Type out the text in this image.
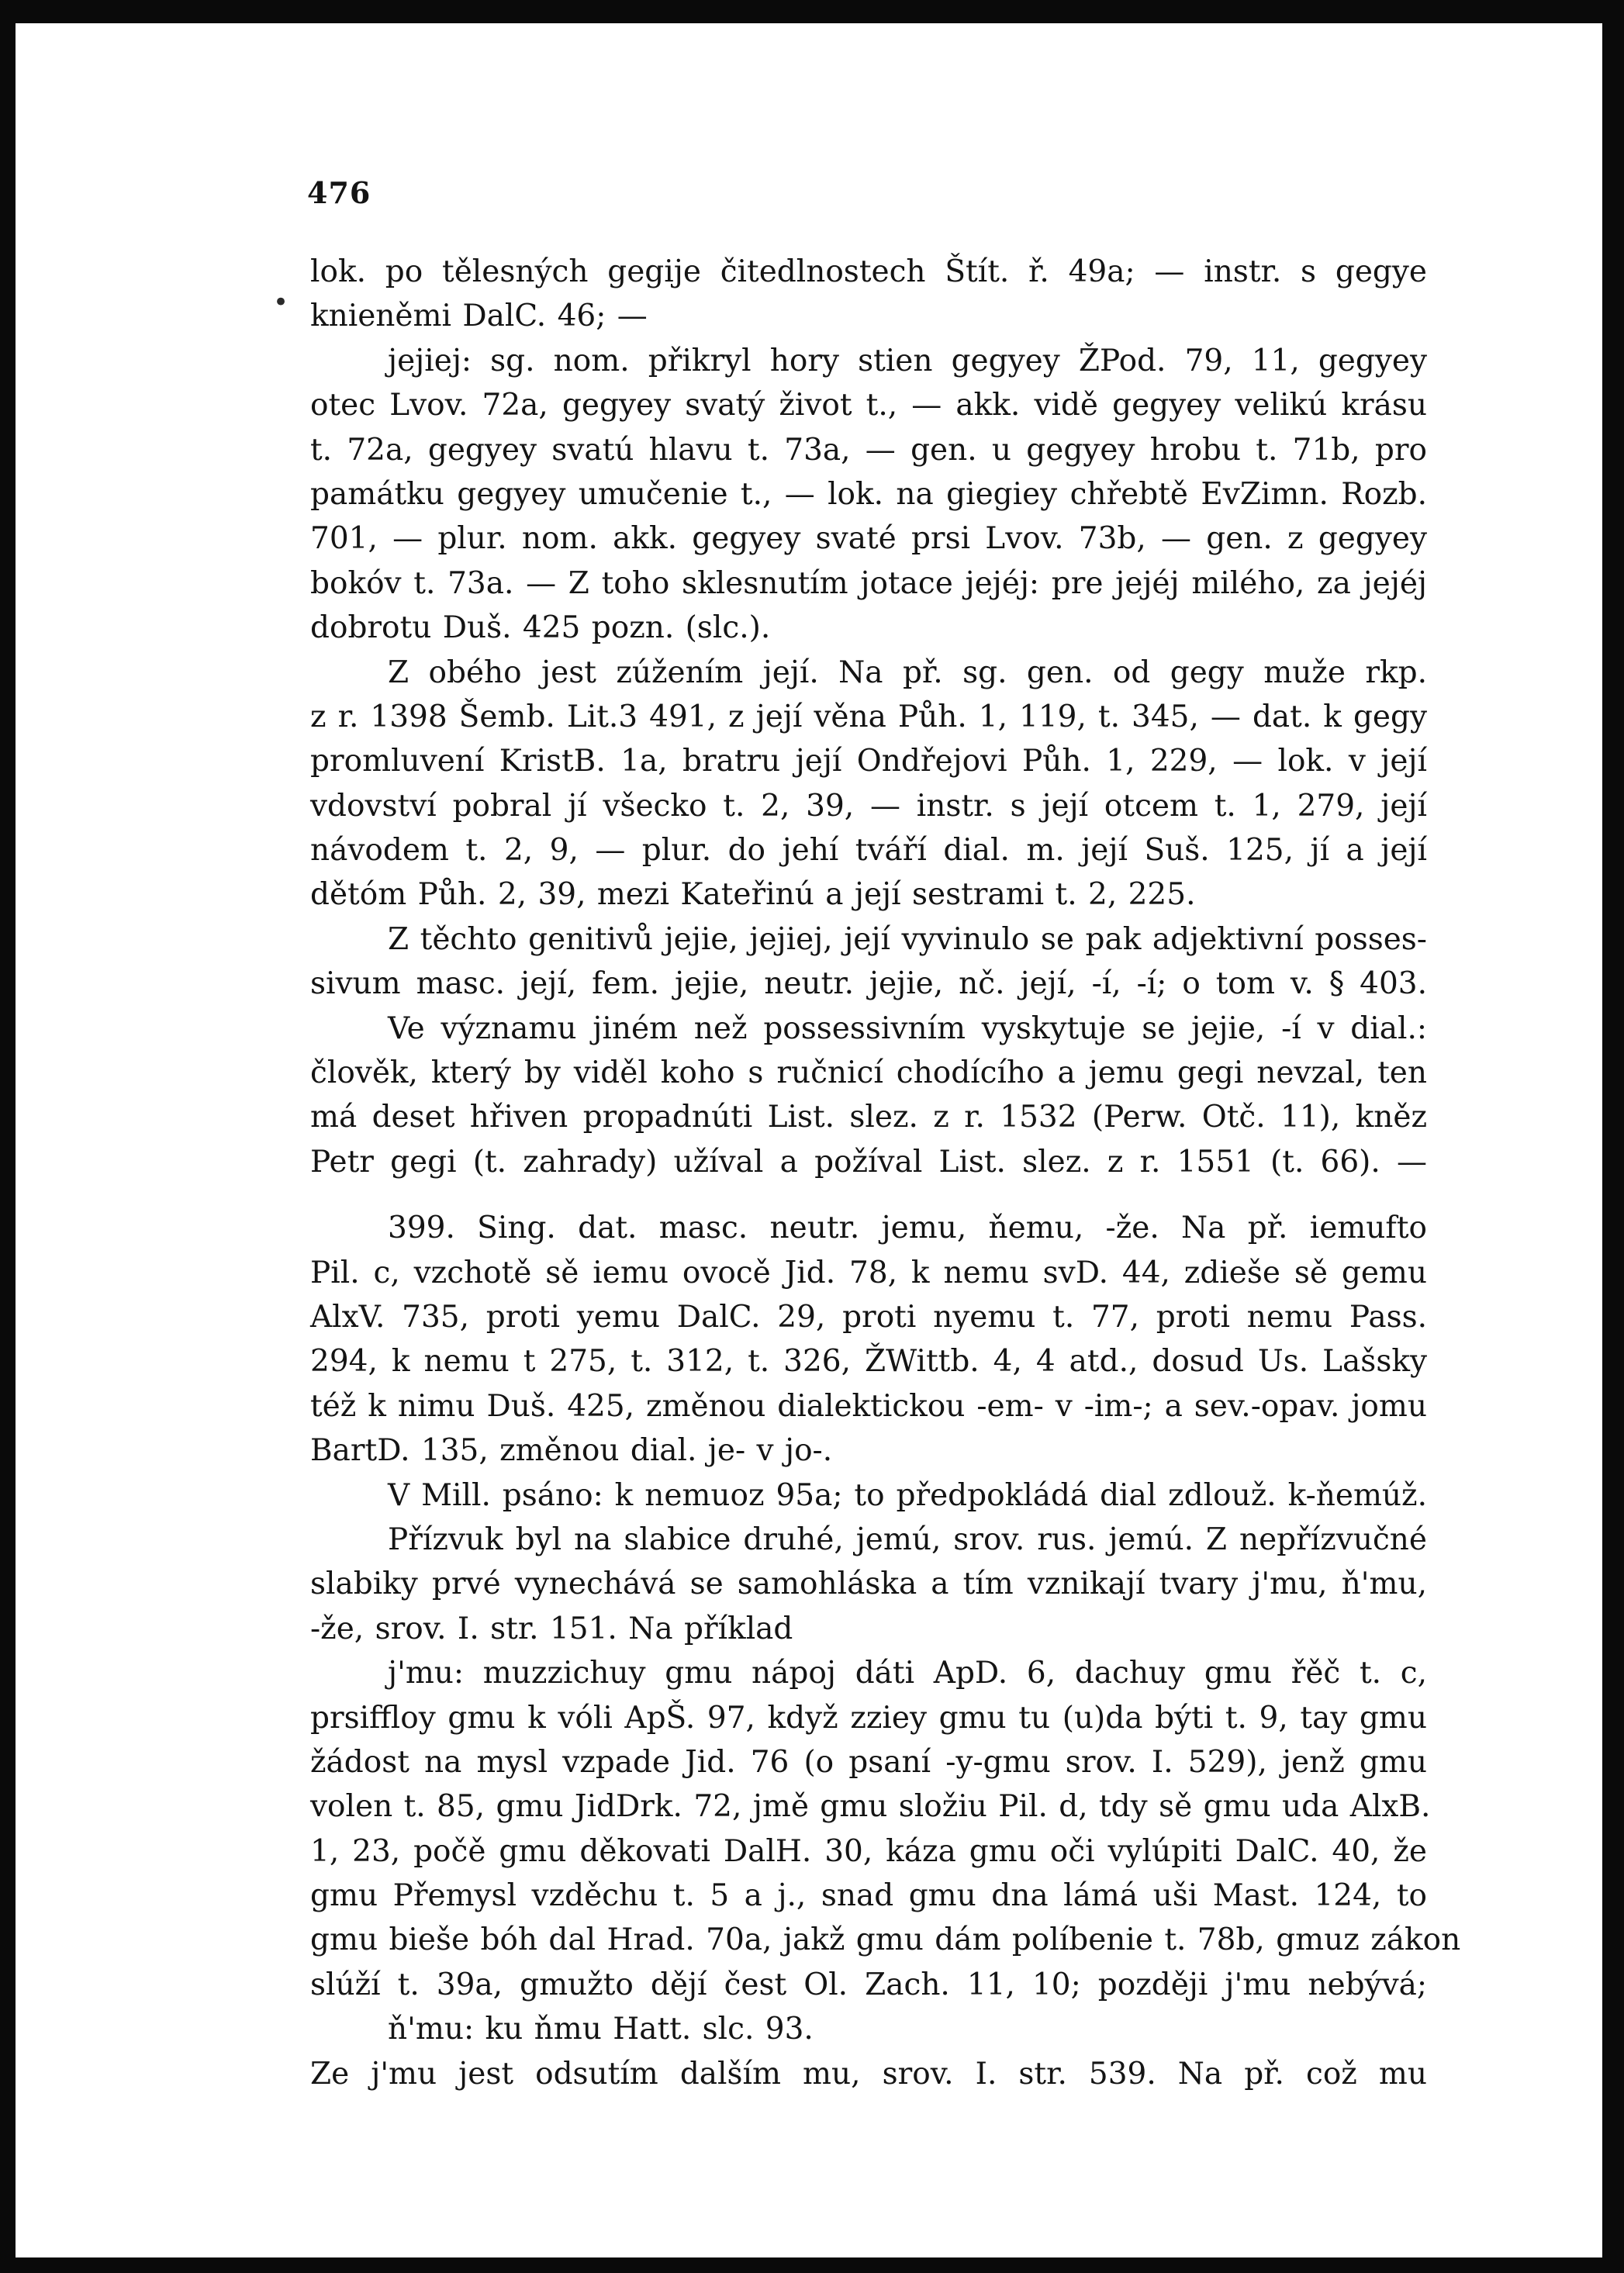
•
476
lok. po tělesných gegije čitedlnostech Štít. ř. 49a; — instr. s gegye
knieněmi DalC. 46; —
jejiej: sg. nom. přikryl hory stien gegyey ŽPod. 79, 11, gegyey
otec Lvov. 72a, gegyey svatý život t., — akk. vidě gegyey velikú krásu
t. 72a, gegyey svatú hlavu t. 73a, — gen. u gegyey hrobu t. 71b, pro
památku gegyey umučenie t., — lok. na giegiey chřebtě EvZimn. Rozb.
701, — plur. nom. akk. gegyey svaté prsi Lvov. 73b, — gen. z gegyey
bokóv t. 73a. — Z toho sklesnutím jotace jejéj: pre jejéj milého, za jejéj
dobrotu Duš. 425 pozn. (slc.).
Z obého jest zúžením její. Na př. sg. gen. od gegy muže rkp.
z r. 1398 Šemb. Lit.3 491, z její věna Půh. 1, 119, t. 345, — dat. k gegy
promluvení KristB. 1a, bratru její Ondřejovi Půh. 1, 229, — lok. v její
vdovství pobral jí všecko t. 2, 39, — instr. s její otcem t. 1, 279, její
návodem t. 2, 9, — plur. do jehí tváří dial. m. její Suš. 125, jí a její
dětóm Půh. 2, 39, mezi Kateřinú a její sestrami t. 2, 225.
Z těchto genitivů jejie, jejiej, její vyvinulo se pak adjektivní posses-
sivum masc. její, fem. jejie, neutr. jejie, nč. její, -í, -í; o tom v. § 403.
Ve významu jiném než possessivním vyskytuje se jejie, -í v dial.:
člověk, který by viděl koho s ručnicí chodícího a jemu gegi nevzal, ten
má deset hřiven propadnúti List. slez. z r. 1532 (Perw. Otč. 11), kněz
Petr gegi (t. zahrady) užíval a požíval List. slez. z r. 1551 (t. 66). —
399. Sing. dat. masc. neutr. jemu, ňemu, -že. Na př. iemufto
Pil. c, vzchotě sě iemu ovocě Jid. 78, k nemu svD. 44, zdieše sě gemu
AlxV. 735, proti yemu DalC. 29, proti nyemu t. 77, proti nemu Pass.
294, k nemu t 275, t. 312, t. 326, ŽWittb. 4, 4 atd., dosud Us. Lašsky
též k nimu Duš. 425, změnou dialektickou -em- v -im-; a sev.-opav. jomu
BartD. 135, změnou dial. je- v jo-.
V Mill. psáno: k nemuoz 95a; to předpokládá dial zdlouž. k-ňemúž.
Přízvuk byl na slabice druhé, jemú, srov. rus. jemú. Z nepřízvučné
slabiky prvé vynechává se samohláska a tím vznikají tvary j'mu, ň'mu,
-že, srov. I. str. 151. Na příklad
j'mu: muzzichuy gmu nápoj dáti ApD. 6, dachuy gmu řěč t. c,
prsiffloy gmu k vóli ApŠ. 97, když zziey gmu tu (u)da býti t. 9, tay gmu
žádost na mysl vzpade Jid. 76 (o psaní -y-gmu srov. I. 529), jenž gmu
volen t. 85, gmu JidDrk. 72, jmě gmu složiu Pil. d, tdy sě gmu uda AlxB.
1, 23, počě gmu děkovati DalH. 30, káza gmu oči vylúpiti DalC. 40, že
gmu Přemysl vzděchu t. 5 a j., snad gmu dna lámá uši Mast. 124, to
gmu bieše bóh dal Hrad. 70a, jakž gmu dám políbenie t. 78b, gmuz zákon
slúží t. 39a, gmužto dějí čest Ol. Zach. 11, 10; později j'mu nebývá;
ň'mu: ku ňmu Hatt. slc. 93.
Ze j'mu jest odsutím dalším mu, srov. I. str. 539. Na př. což mu
